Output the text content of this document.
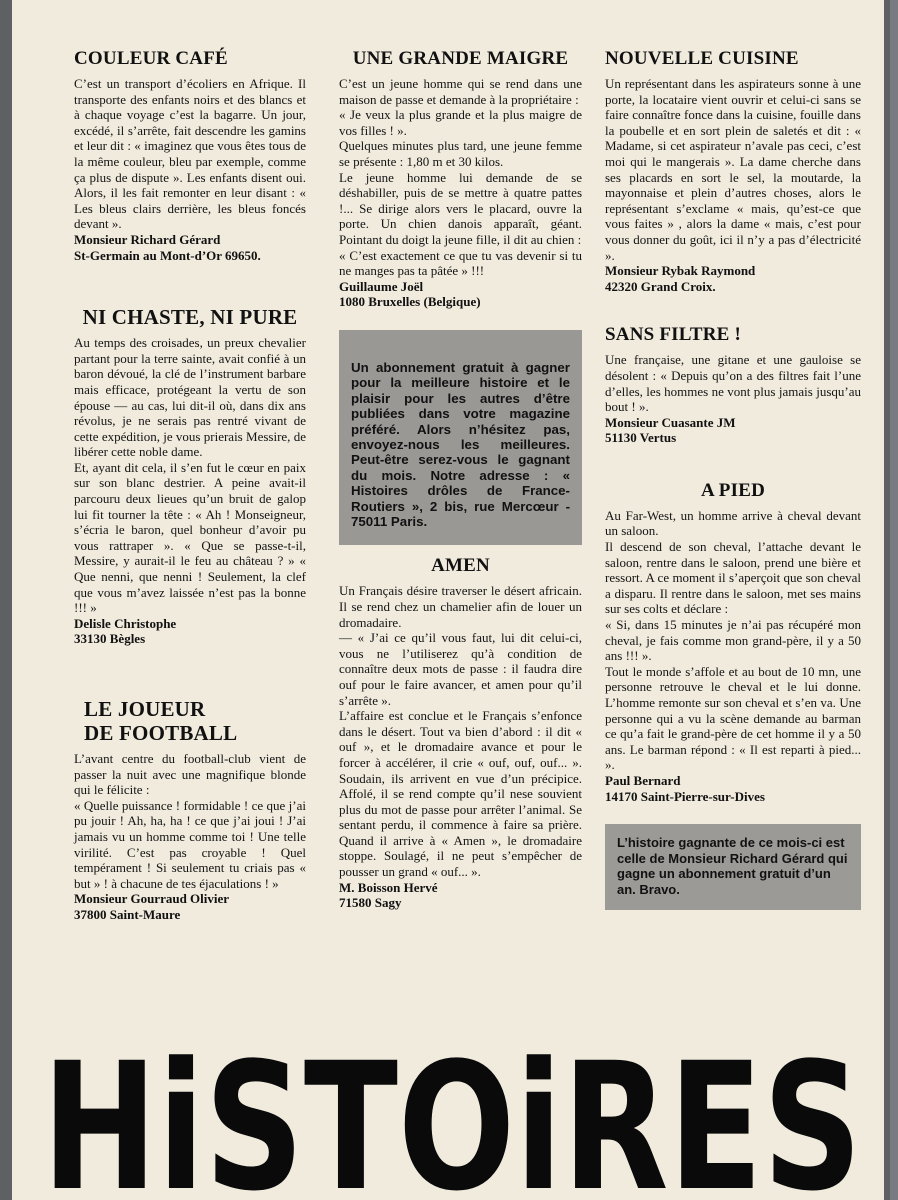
COULEUR CAFÉ

C’est un transport d’écoliers en Afrique. Il transporte des enfants noirs et des blancs et à chaque voyage c’est la bagarre. Un jour, excédé, il s’arrête, fait descendre les gamins et leur dit : « imaginez que vous êtes tous de la même couleur, bleu par exemple, comme ça plus de dispute ». Les enfants disent oui. Alors, il les fait remonter en leur disant : « Les bleus clairs derrière, les bleus foncés devant ».

Monsieur Richard Gérard

St-Germain au Mont-d’Or 69650.

NI CHASTE, NI PURE

Au temps des croisades, un preux chevalier partant pour la terre sainte, avait confié à un baron dévoué, la clé de l’instrument barbare mais efficace, protégeant la vertu de son épouse — au cas, lui dit-il où, dans dix ans révolus, je ne serais pas rentré vivant de cette expédition, je vous prierais Messire, de libérer cette noble dame.

Et, ayant dit cela, il s’en fut le cœur en paix sur son blanc destrier. A peine avait-il parcouru deux lieues qu’un bruit de galop lui fit tourner la tête : « Ah ! Monseigneur, s’écria le baron, quel bonheur d’avoir pu vous rattraper ». « Que se passe-t-il, Messire, y aurait-il le feu au château ? » « Que nenni, que nenni ! Seulement, la clef que vous m’avez laissée n’est pas la bonne !!! »

Delisle Christophe

33130 Bègles

LE JOUEUR
DE FOOTBALL

L’avant centre du football-club vient de passer la nuit avec une magnifique blonde qui le félicite :

« Quelle puissance ! formidable ! ce que j’ai pu jouir ! Ah, ha, ha ! ce que j’ai joui ! J’ai jamais vu un homme comme toi ! Une telle virilité. C’est pas croyable ! Quel tempérament ! Si seulement tu criais pas « but » ! à chacune de tes éjaculations ! »

Monsieur Gourraud Olivier

37800 Saint-Maure

UNE GRANDE MAIGRE

C’est un jeune homme qui se rend dans une maison de passe et demande à la propriétaire :

« Je veux la plus grande et la plus maigre de vos filles ! ».

Quelques minutes plus tard, une jeune femme se présente : 1,80 m et 30 kilos.

Le jeune homme lui demande de se déshabiller, puis de se mettre à quatre pattes !... Se dirige alors vers le placard, ouvre la porte. Un chien danois apparaît, géant. Pointant du doigt la jeune fille, il dit au chien :

« C’est exactement ce que tu vas devenir si tu ne manges pas ta pâtée » !!!

Guillaume Joël

1080 Bruxelles (Belgique)

Un abonnement gratuit à gagner pour la meilleure histoire et le plaisir pour les autres d’être publiées dans votre magazine préféré. Alors n’hésitez pas, envoyez-nous les meilleures. Peut-être serez-vous le gagnant du mois. Notre adresse : « Histoires drôles de France-Routiers », 2 bis, rue Mercœur - 75011 Paris.
AMEN

Un Français désire traverser le désert africain. Il se rend chez un chamelier afin de louer un dromadaire.

— « J’ai ce qu’il vous faut, lui dit celui-ci, vous ne l’utiliserez qu’à condition de connaître deux mots de passe : il faudra dire ouf pour le faire avancer, et amen pour qu’il s’arrête ».

L’affaire est conclue et le Français s’enfonce dans le désert. Tout va bien d’abord : il dit « ouf », et le dromadaire avance et pour le forcer à accélérer, il crie « ouf, ouf, ouf... ». Soudain, ils arrivent en vue d’un précipice. Affolé, il se rend compte qu’il nese souvient plus du mot de passe pour arrêter l’animal. Se sentant perdu, il commence à faire sa prière. Quand il arrive à « Amen », le dromadaire stoppe. Soulagé, il ne peut s’empêcher de pousser un grand « ouf... ».

M. Boisson Hervé

71580 Sagy

NOUVELLE CUISINE

Un représentant dans les aspirateurs sonne à une porte, la locataire vient ouvrir et celui-ci sans se faire connaître fonce dans la cuisine, fouille dans la poubelle et en sort plein de saletés et dit : « Madame, si cet aspirateur n’avale pas ceci, c’est moi qui le mangerais ». La dame cherche dans ses placards en sort le sel, la moutarde, la mayonnaise et plein d’autres choses, alors le représentant s’exclame « mais, qu’est-ce que vous faites » , alors la dame « mais, c’est pour vous donner du goût, ici il n’y a pas d’électricité ».

Monsieur Rybak Raymond

42320 Grand Croix.

SANS FILTRE !

Une française, une gitane et une gauloise se désolent : « Depuis qu’on a des filtres fait l’une d’elles, les hommes ne vont plus jamais jusqu’au bout ! ».

Monsieur Cuasante JM

51130 Vertus

A PIED

Au Far-West, un homme arrive à cheval devant un saloon.

Il descend de son cheval, l’attache devant le saloon, rentre dans le saloon, prend une bière et ressort. A ce moment il s’aperçoit que son cheval a disparu. Il rentre dans le saloon, met ses mains sur ses colts et déclare :

« Si, dans 15 minutes je n’ai pas récupéré mon cheval, je fais comme mon grand-père, il y a 50 ans !!! ».

Tout le monde s’affole et au bout de 10 mn, une personne retrouve le cheval et le lui donne. L’homme remonte sur son cheval et s’en va. Une personne qui a vu la scène demande au barman ce qu’a fait le grand-père de cet homme il y a 50 ans. Le barman répond : « Il est reparti à pied... ».

Paul Bernard

14170 Saint-Pierre-sur-Dives

L’histoire gagnante de ce mois-ci est celle de Monsieur Richard Gérard qui gagne un abonnement gratuit d’un an. Bravo.
HiSTOiRES
